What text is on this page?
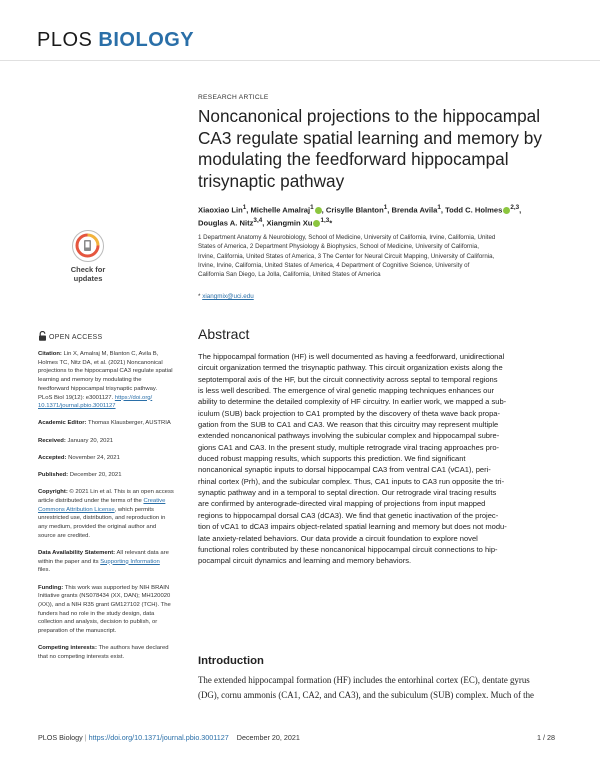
PLOS BIOLOGY
Check for
updates
OPEN ACCESS

Citation: Lin X, Amalraj M, Blanton C, Avila B,
Holmes TC, Nitz DA, et al. (2021) Noncanonical
projections to the hippocampal CA3 regulate spatial
learning and memory by modulating the
feedforward hippocampal trisynaptic pathway.
PLoS Biol 19(12): e3001127. https://doi.org/
10.1371/journal.pbio.3001127

Academic Editor: Thomas Klausberger, AUSTRIA

Received: January 20, 2021

Accepted: November 24, 2021

Published: December 20, 2021

Copyright: © 2021 Lin et al. This is an open access
article distributed under the terms of the Creative
Commons Attribution License, which permits
unrestricted use, distribution, and reproduction in
any medium, provided the original author and
source are credited.

Data Availability Statement: All relevant data are
within the paper and its Supporting Information
files.

Funding: This work was supported by NIH BRAIN
Initiative grants (NS078434 (XX, DAN); MH120020
(XX)), and a NIH R35 grant GM127102 (TCH). The
funders had no role in the study design, data
collection and analysis, decision to publish, or
preparation of the manuscript.

Competing interests: The authors have declared
that no competing interests exist.

RESEARCH ARTICLE
Noncanonical projections to the hippocampal
CA3 regulate spatial learning and memory by
modulating the feedforward hippocampal
trisynaptic pathway
Xiaoxiao Lin$^1$, Michelle Amalraj$^1$ , Crisylle Blanton$^1$, Brenda Avila$^1$, Todd C. Holmes $^{2,3}$,
Douglas A. Nitz$^{3,4}$, Xiangmin Xu $^{1,3}$*
1 Department Anatomy & Neurobiology, School of Medicine, University of California, Irvine, California, United
States of America, 2 Department Physiology & Biophysics, School of Medicine, University of California,
Irvine, California, United States of America, 3 The Center for Neural Circuit Mapping, University of California,
Irvine, Irvine, California, United States of America, 4 Department of Cognitive Science, University of
California San Diego, La Jolla, California, United States of America
* xiangmix@uci.edu
Abstract
The hippocampal formation (HF) is well documented as having a feedforward, unidirectional
circuit organization termed the trisynaptic pathway. This circuit organization exists along the
septotemporal axis of the HF, but the circuit connectivity across septal to temporal regions
is less well described. The emergence of viral genetic mapping techniques enhances our
ability to determine the detailed complexity of HF circuitry. In earlier work, we mapped a sub-
iculum (SUB) back projection to CA1 prompted by the discovery of theta wave back propa-
gation from the SUB to CA1 and CA3. We reason that this circuitry may represent multiple
extended noncanonical pathways involving the subicular complex and hippocampal subre-
gions CA1 and CA3. In the present study, multiple retrograde viral tracing approaches pro-
duced robust mapping results, which supports this prediction. We find significant
noncanonical synaptic inputs to dorsal hippocampal CA3 from ventral CA1 (vCA1), peri-
rhinal cortex (Prh), and the subicular complex. Thus, CA1 inputs to CA3 run opposite the tri-
synaptic pathway and in a temporal to septal direction. Our retrograde viral tracing results
are confirmed by anterograde-directed viral mapping of projections from input mapped
regions to hippocampal dorsal CA3 (dCA3). We find that genetic inactivation of the projec-
tion of vCA1 to dCA3 impairs object-related spatial learning and memory but does not modu-
late anxiety-related behaviors. Our data provide a circuit foundation to explore novel
functional roles contributed by these noncanonical hippocampal circuit connections to hip-
pocampal circuit dynamics and learning and memory behaviors.
Introduction
The extended hippocampal formation (HF) includes the entorhinal cortex (EC), dentate gyrus
(DG), cornu ammonis (CA1, CA2, and CA3), and the subiculum (SUB) complex. Much of the
PLOS Biology | https://doi.org/10.1371/journal.pbio.3001127 December 20, 2021	1 / 28
